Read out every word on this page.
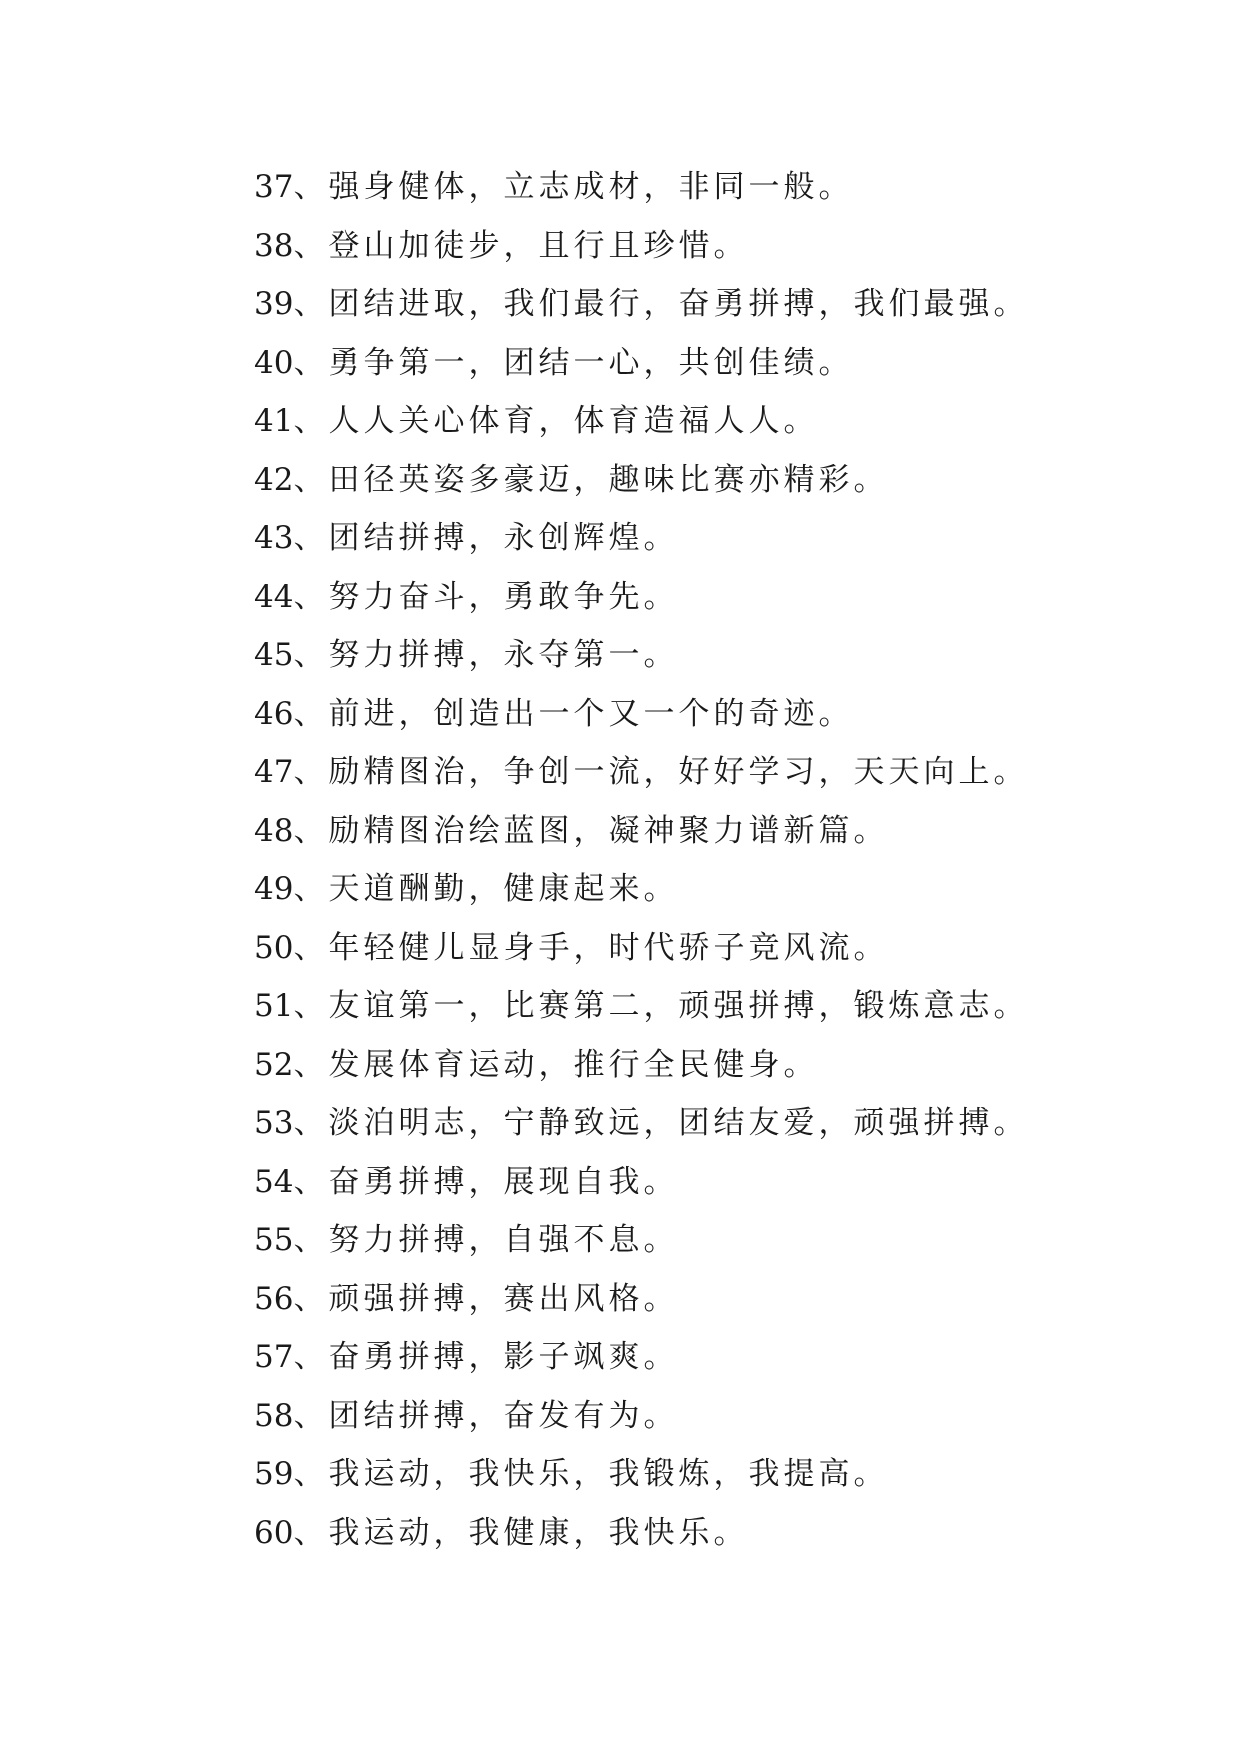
37、强身健体，立志成材，非同一般。
38、登山加徒步，且行且珍惜。
39、团结进取，我们最行，奋勇拼搏，我们最强。
40、勇争第一，团结一心，共创佳绩。
41、人人关心体育，体育造福人人。
42、田径英姿多豪迈，趣味比赛亦精彩。
43、团结拼搏，永创辉煌。
44、努力奋斗，勇敢争先。
45、努力拼搏，永夺第一。
46、前进，创造出一个又一个的奇迹。
47、励精图治，争创一流，好好学习，天天向上。
48、励精图治绘蓝图，凝神聚力谱新篇。
49、天道酬勤，健康起来。
50、年轻健儿显身手，时代骄子竞风流。
51、友谊第一，比赛第二，顽强拼搏，锻炼意志。
52、发展体育运动，推行全民健身。
53、淡泊明志，宁静致远，团结友爱，顽强拼搏。
54、奋勇拼搏，展现自我。
55、努力拼搏，自强不息。
56、顽强拼搏，赛出风格。
57、奋勇拼搏，影子飒爽。
58、团结拼搏，奋发有为。
59、我运动，我快乐，我锻炼，我提高。
60、我运动，我健康，我快乐。
